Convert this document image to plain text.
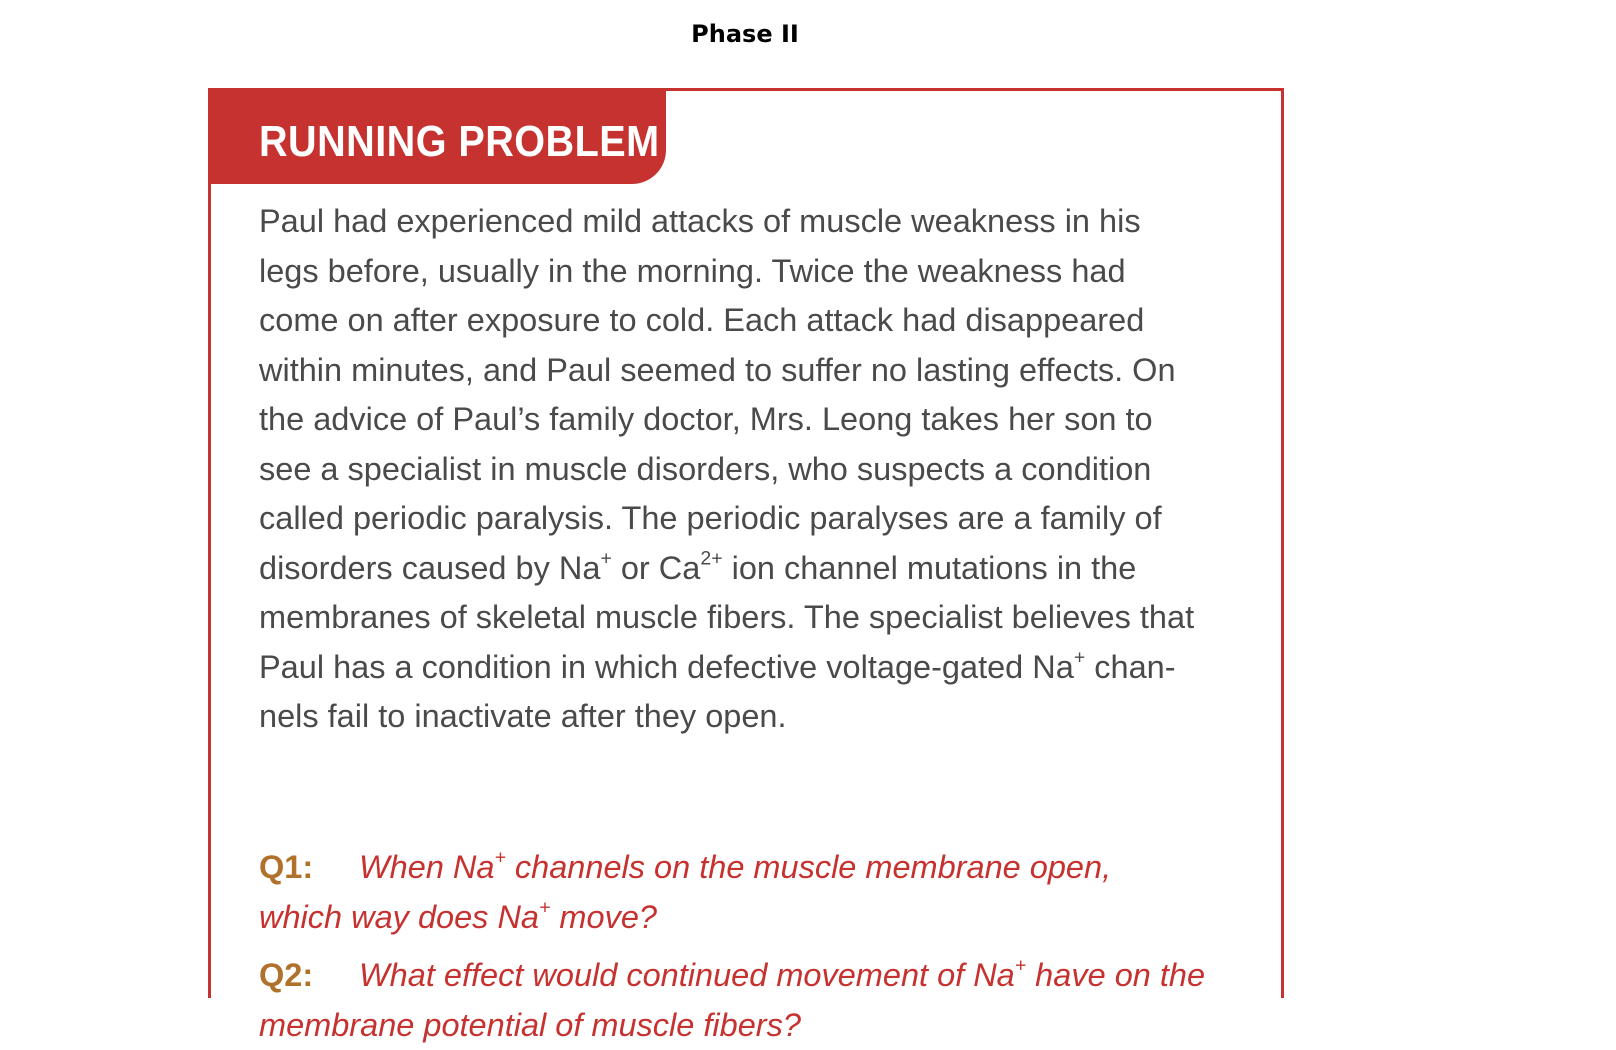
Phase II
RUNNING PROBLEM
Paul had experienced mild attacks of muscle weakness in his
legs before, usually in the morning. Twice the weakness had
come on after exposure to cold. Each attack had disappeared
within minutes, and Paul seemed to suffer no lasting effects. On
the advice of Paul’s family doctor, Mrs. Leong takes her son to
see a specialist in muscle disorders, who suspects a condition
called periodic paralysis. The periodic paralyses are a family of
disorders caused by Na+ or $Ca^{2+}$ ion channel mutations in the
membranes of skeletal muscle fibers. The specialist believes that
Paul has a condition in which defective voltage-gated Na+ chan-
nels fail to inactivate after they open.
Q1: When Na+ channels on the muscle membrane open,
which way does Na+ move?
Q2: What effect would continued movement of Na+ have on the
membrane potential of muscle fibers?
